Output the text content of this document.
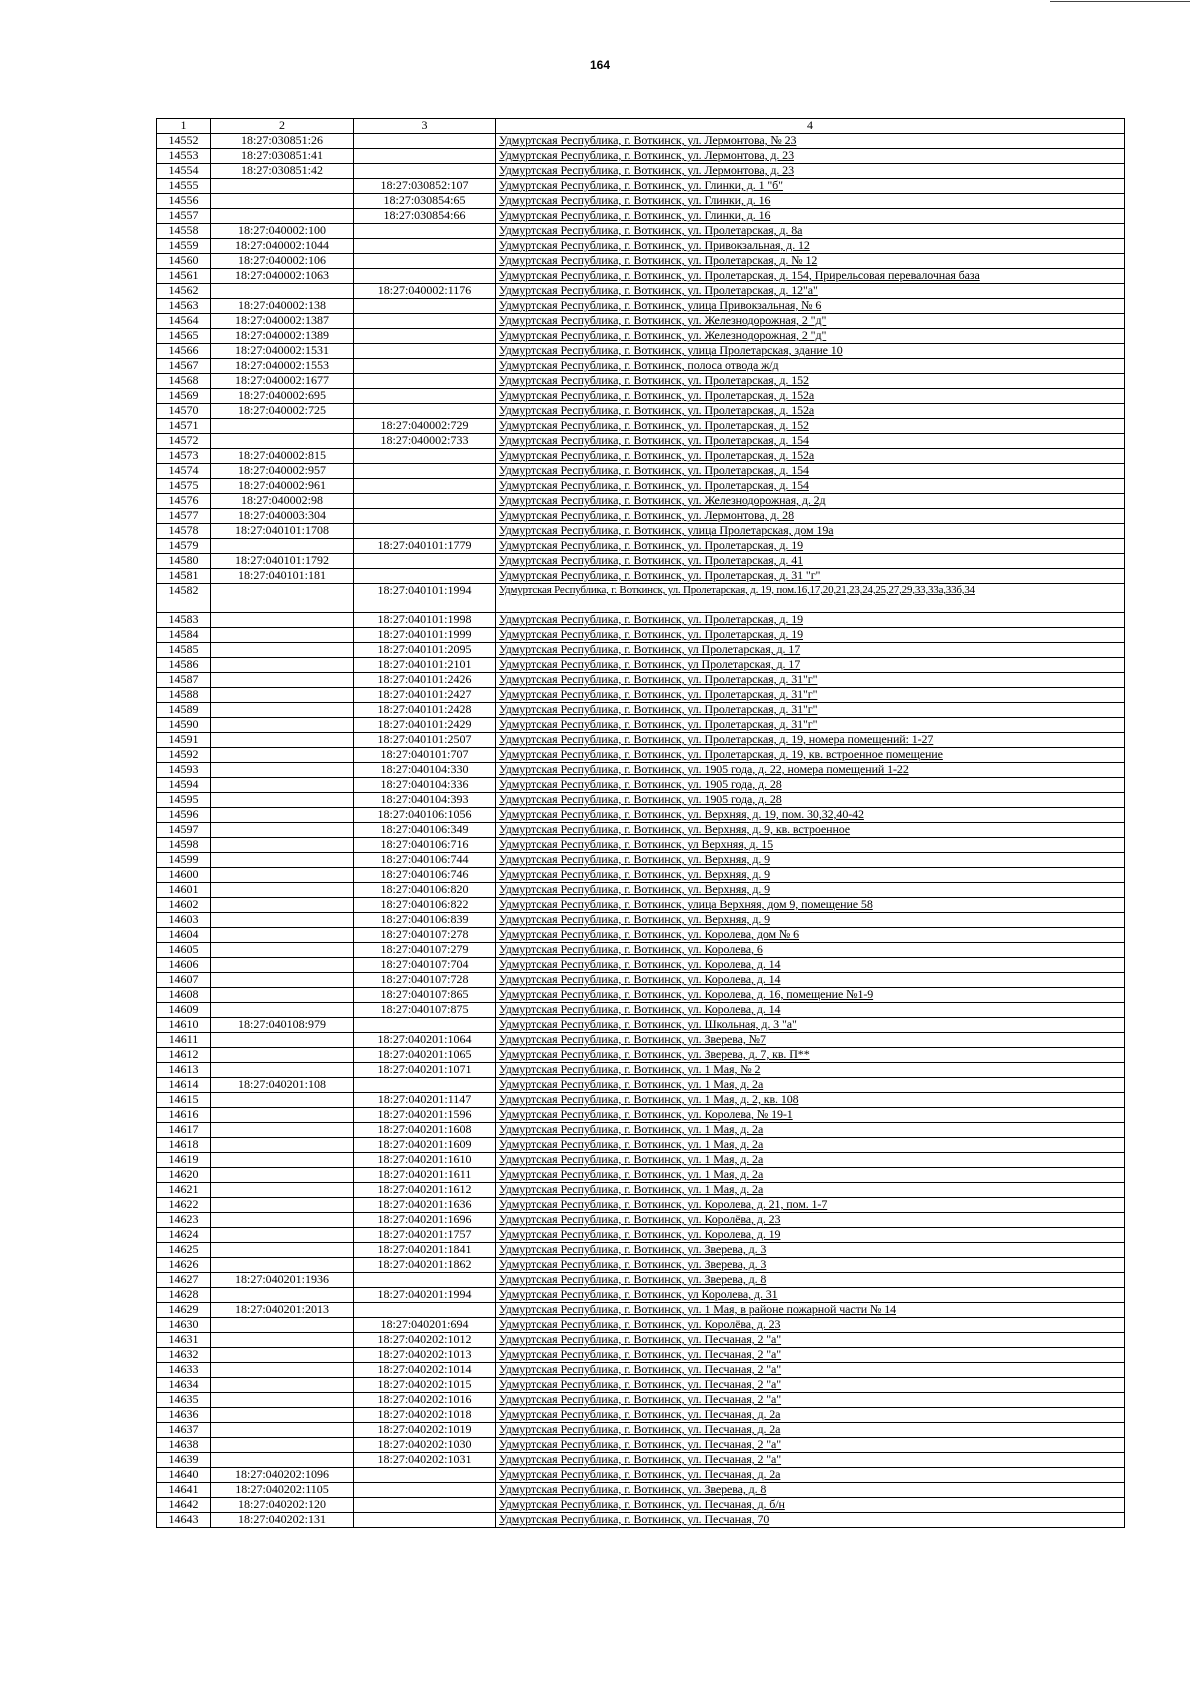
164
1	2	3	4
14552	18:27:030851:26		Удмуртская Республика, г. Воткинск, ул. Лермонтова, № 23
14553	18:27:030851:41		Удмуртская Республика, г. Воткинск, ул. Лермонтова, д. 23
14554	18:27:030851:42		Удмуртская Республика, г. Воткинск, ул. Лермонтова, д. 23
14555		18:27:030852:107	Удмуртская Республика, г. Воткинск, ул. Глинки, д. 1 "б"
14556		18:27:030854:65	Удмуртская Республика, г. Воткинск, ул. Глинки, д. 16
14557		18:27:030854:66	Удмуртская Республика, г. Воткинск, ул. Глинки, д. 16
14558	18:27:040002:100		Удмуртская Республика, г. Воткинск, ул. Пролетарская, д. 8а
14559	18:27:040002:1044		Удмуртская Республика, г. Воткинск, ул. Привокзальная, д. 12
14560	18:27:040002:106		Удмуртская Республика, г. Воткинск, ул. Пролетарская, д. № 12
14561	18:27:040002:1063		Удмуртская Республика, г. Воткинск, ул. Пролетарская, д. 154, Прирельсовая перевалочная база
14562		18:27:040002:1176	Удмуртская Республика, г. Воткинск, ул. Пролетарская, д. 12"а"
14563	18:27:040002:138		Удмуртская Республика, г. Воткинск, улица Привокзальная, № 6
14564	18:27:040002:1387		Удмуртская Республика, г. Воткинск, ул. Железнодорожная, 2 "д"
14565	18:27:040002:1389		Удмуртская Республика, г. Воткинск, ул. Железнодорожная, 2 "д"
14566	18:27:040002:1531		Удмуртская Республика, г. Воткинск, улица Пролетарская, здание 10
14567	18:27:040002:1553		Удмуртская Республика, г. Воткинск, полоса отвода ж/д
14568	18:27:040002:1677		Удмуртская Республика, г. Воткинск, ул. Пролетарская, д. 152
14569	18:27:040002:695		Удмуртская Республика, г. Воткинск, ул. Пролетарская, д. 152а
14570	18:27:040002:725		Удмуртская Республика, г. Воткинск, ул. Пролетарская, д. 152а
14571		18:27:040002:729	Удмуртская Республика, г. Воткинск, ул. Пролетарская, д. 152
14572		18:27:040002:733	Удмуртская Республика, г. Воткинск, ул. Пролетарская, д. 154
14573	18:27:040002:815		Удмуртская Республика, г. Воткинск, ул. Пролетарская, д. 152а
14574	18:27:040002:957		Удмуртская Республика, г. Воткинск, ул. Пролетарская, д. 154
14575	18:27:040002:961		Удмуртская Республика, г. Воткинск, ул. Пролетарская, д. 154
14576	18:27:040002:98		Удмуртская Республика, г. Воткинск, ул. Железнодорожная, д. 2д
14577	18:27:040003:304		Удмуртская Республика, г. Воткинск, ул. Лермонтова, д. 28
14578	18:27:040101:1708		Удмуртская Республика, г. Воткинск, улица Пролетарская, дом 19а
14579		18:27:040101:1779	Удмуртская Республика, г. Воткинск, ул. Пролетарская, д. 19
14580	18:27:040101:1792		Удмуртская Республика, г. Воткинск, ул. Пролетарская, д. 41
14581	18:27:040101:181		Удмуртская Республика, г. Воткинск, ул. Пролетарская, д. 31 "г"
14582		18:27:040101:1994	Удмуртская Республика, г. Воткинск, ул. Пролетарская, д. 19, пом.16,17,20,21,23,24,25,27,29,33,33а,33б,34
14583		18:27:040101:1998	Удмуртская Республика, г. Воткинск, ул. Пролетарская, д. 19
14584		18:27:040101:1999	Удмуртская Республика, г. Воткинск, ул. Пролетарская, д. 19
14585		18:27:040101:2095	Удмуртская Республика, г. Воткинск, ул Пролетарская, д. 17
14586		18:27:040101:2101	Удмуртская Республика, г. Воткинск, ул Пролетарская, д. 17
14587		18:27:040101:2426	Удмуртская Республика, г. Воткинск, ул. Пролетарская, д. 31"г"
14588		18:27:040101:2427	Удмуртская Республика, г. Воткинск, ул. Пролетарская, д. 31"г"
14589		18:27:040101:2428	Удмуртская Республика, г. Воткинск, ул. Пролетарская, д. 31"г"
14590		18:27:040101:2429	Удмуртская Республика, г. Воткинск, ул. Пролетарская, д. 31"г"
14591		18:27:040101:2507	Удмуртская Республика, г. Воткинск, ул. Пролетарская, д. 19, номера помещений: 1-27
14592		18:27:040101:707	Удмуртская Республика, г. Воткинск, ул. Пролетарская, д. 19, кв. встроенное помещение
14593		18:27:040104:330	Удмуртская Республика, г. Воткинск, ул. 1905 года, д. 22, номера помещений 1-22
14594		18:27:040104:336	Удмуртская Республика, г. Воткинск, ул. 1905 года, д. 28
14595		18:27:040104:393	Удмуртская Республика, г. Воткинск, ул. 1905 года, д. 28
14596		18:27:040106:1056	Удмуртская Республика, г. Воткинск, ул. Верхняя, д. 19, пом. 30,32,40-42
14597		18:27:040106:349	Удмуртская Республика, г. Воткинск, ул. Верхняя, д. 9, кв. встроенное
14598		18:27:040106:716	Удмуртская Республика, г. Воткинск, ул Верхняя, д. 15
14599		18:27:040106:744	Удмуртская Республика, г. Воткинск, ул. Верхняя, д. 9
14600		18:27:040106:746	Удмуртская Республика, г. Воткинск, ул. Верхняя, д. 9
14601		18:27:040106:820	Удмуртская Республика, г. Воткинск, ул. Верхняя, д. 9
14602		18:27:040106:822	Удмуртская Республика, г. Воткинск, улица Верхняя, дом 9, помещение 58
14603		18:27:040106:839	Удмуртская Республика, г. Воткинск, ул. Верхняя, д. 9
14604		18:27:040107:278	Удмуртская Республика, г. Воткинск, ул. Королева, дом № 6
14605		18:27:040107:279	Удмуртская Республика, г. Воткинск, ул. Королева, 6
14606		18:27:040107:704	Удмуртская Республика, г. Воткинск, ул. Королева, д. 14
14607		18:27:040107:728	Удмуртская Республика, г. Воткинск, ул. Королева, д. 14
14608		18:27:040107:865	Удмуртская Республика, г. Воткинск, ул. Королева, д. 16, помещение №1-9
14609		18:27:040107:875	Удмуртская Республика, г. Воткинск, ул. Королева, д. 14
14610	18:27:040108:979		Удмуртская Республика, г. Воткинск, ул. Школьная, д. 3 "а"
14611		18:27:040201:1064	Удмуртская Республика, г. Воткинск, ул. Зверева, №7
14612		18:27:040201:1065	Удмуртская Республика, г. Воткинск, ул. Зверева, д. 7, кв. П**
14613		18:27:040201:1071	Удмуртская Республика, г. Воткинск, ул. 1 Мая, № 2
14614	18:27:040201:108		Удмуртская Республика, г. Воткинск, ул. 1 Мая, д. 2а
14615		18:27:040201:1147	Удмуртская Республика, г. Воткинск, ул. 1 Мая, д. 2, кв. 108
14616		18:27:040201:1596	Удмуртская Республика, г. Воткинск, ул. Королева, № 19-1
14617		18:27:040201:1608	Удмуртская Республика, г. Воткинск, ул. 1 Мая, д. 2а
14618		18:27:040201:1609	Удмуртская Республика, г. Воткинск, ул. 1 Мая, д. 2а
14619		18:27:040201:1610	Удмуртская Республика, г. Воткинск, ул. 1 Мая, д. 2а
14620		18:27:040201:1611	Удмуртская Республика, г. Воткинск, ул. 1 Мая, д. 2а
14621		18:27:040201:1612	Удмуртская Республика, г. Воткинск, ул. 1 Мая, д. 2а
14622		18:27:040201:1636	Удмуртская Республика, г. Воткинск, ул. Королева, д. 21, пом. 1-7
14623		18:27:040201:1696	Удмуртская Республика, г. Воткинск, ул. Королёва, д. 23
14624		18:27:040201:1757	Удмуртская Республика, г. Воткинск, ул. Королева, д. 19
14625		18:27:040201:1841	Удмуртская Республика, г. Воткинск, ул. Зверева, д. 3
14626		18:27:040201:1862	Удмуртская Республика, г. Воткинск, ул. Зверева, д. 3
14627	18:27:040201:1936		Удмуртская Республика, г. Воткинск, ул. Зверева, д. 8
14628		18:27:040201:1994	Удмуртская Республика, г. Воткинск, ул Королева, д. 31
14629	18:27:040201:2013		Удмуртская Республика, г. Воткинск, ул. 1 Мая, в районе пожарной части № 14
14630		18:27:040201:694	Удмуртская Республика, г. Воткинск, ул. Королёва, д. 23
14631		18:27:040202:1012	Удмуртская Республика, г. Воткинск, ул. Песчаная, 2 "а"
14632		18:27:040202:1013	Удмуртская Республика, г. Воткинск, ул. Песчаная, 2 "а"
14633		18:27:040202:1014	Удмуртская Республика, г. Воткинск, ул. Песчаная, 2 "а"
14634		18:27:040202:1015	Удмуртская Республика, г. Воткинск, ул. Песчаная, 2 "а"
14635		18:27:040202:1016	Удмуртская Республика, г. Воткинск, ул. Песчаная, 2 "а"
14636		18:27:040202:1018	Удмуртская Республика, г. Воткинск, ул. Песчаная, д. 2а
14637		18:27:040202:1019	Удмуртская Республика, г. Воткинск, ул. Песчаная, д. 2а
14638		18:27:040202:1030	Удмуртская Республика, г. Воткинск, ул. Песчаная, 2 "а"
14639		18:27:040202:1031	Удмуртская Республика, г. Воткинск, ул. Песчаная, 2 "а"
14640	18:27:040202:1096		Удмуртская Республика, г. Воткинск, ул. Песчаная, д. 2а
14641	18:27:040202:1105		Удмуртская Республика, г. Воткинск, ул. Зверева, д. 8
14642	18:27:040202:120		Удмуртская Республика, г. Воткинск, ул. Песчаная, д. б/н
14643	18:27:040202:131		Удмуртская Республика, г. Воткинск, ул. Песчаная, 70
